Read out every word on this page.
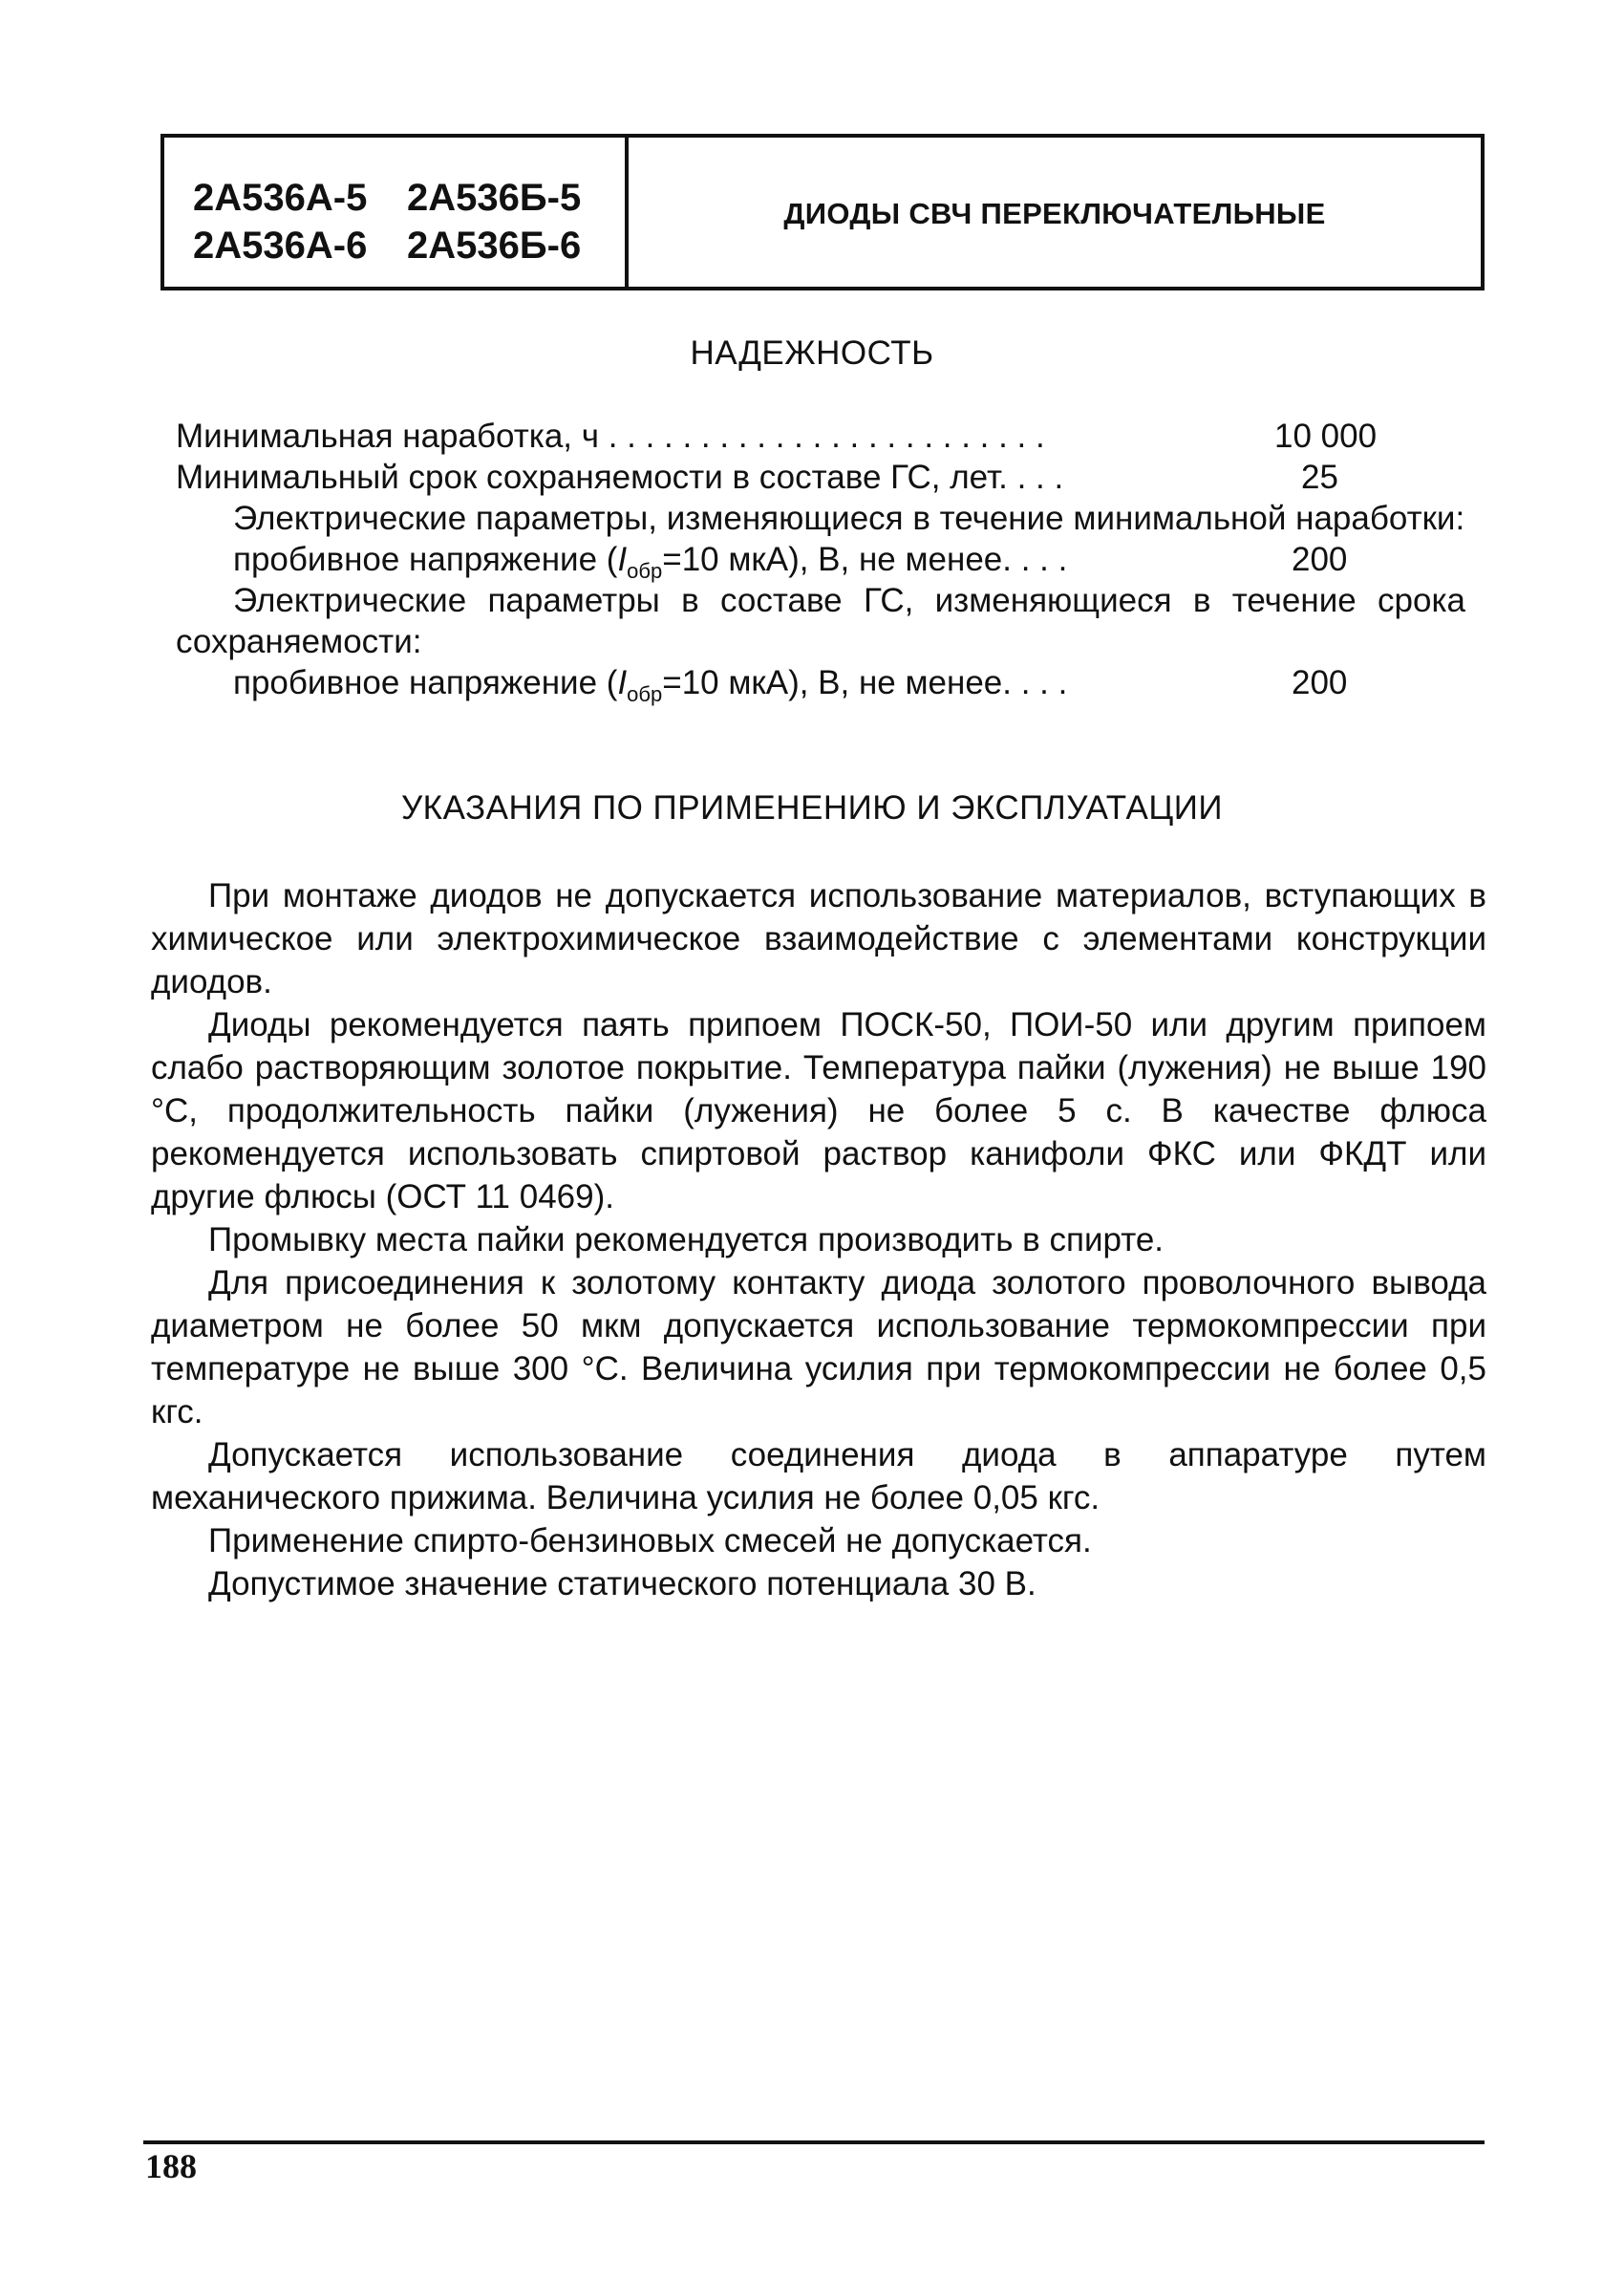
2А536А-5 2А536Б-5
2А536А-6 2А536Б-6
ДИОДЫ СВЧ ПЕРЕКЛЮЧАТЕЛЬНЫЕ
НАДЕЖНОСТЬ
Минимальная наработка, ч . . . . . . . . . . . . . . . . . . . . . . . .	10 000
Минимальный срок сохраняемости в составе ГС, лет. . . .	25
Электрические параметры, изменяющиеся в течение минимальной наработки:
пробивное напряжение ($I_{обр}=10$ мкА), В, не менее. . . .	200
Электрические параметры в составе ГС, изменяющиеся в течение срока сохраняемости:
пробивное напряжение ($I_{обр}=10$ мкА), В, не менее. . . .	200
УКАЗАНИЯ ПО ПРИМЕНЕНИЮ И ЭКСПЛУАТАЦИИ

При монтаже диодов не допускается использование материалов, вступающих в химическое или электрохимическое взаимодействие с элементами конструкции диодов.

Диоды рекомендуется паять припоем ПОСК-50, ПОИ-50 или другим припоем слабо растворяющим золотое покрытие. Температура пайки (лужения) не выше 190 °С, продолжительность пайки (лужения) не более 5 с. В качестве флюса рекомендуется использовать спиртовой раствор канифоли ФКС или ФКДТ или другие флюсы (ОСТ 11 0469).

Промывку места пайки рекомендуется производить в спирте.

Для присоединения к золотому контакту диода золотого проволочного вывода диаметром не более 50 мкм допускается использование термокомпрессии при температуре не выше 300 °С. Величина усилия при термокомпрессии не более 0,5 кгс.

Допускается использование соединения диода в аппаратуре путем механического прижима. Величина усилия не более 0,05 кгс.

Применение спирто-бензиновых смесей не допускается.

Допустимое значение статического потенциала 30 В.

188
